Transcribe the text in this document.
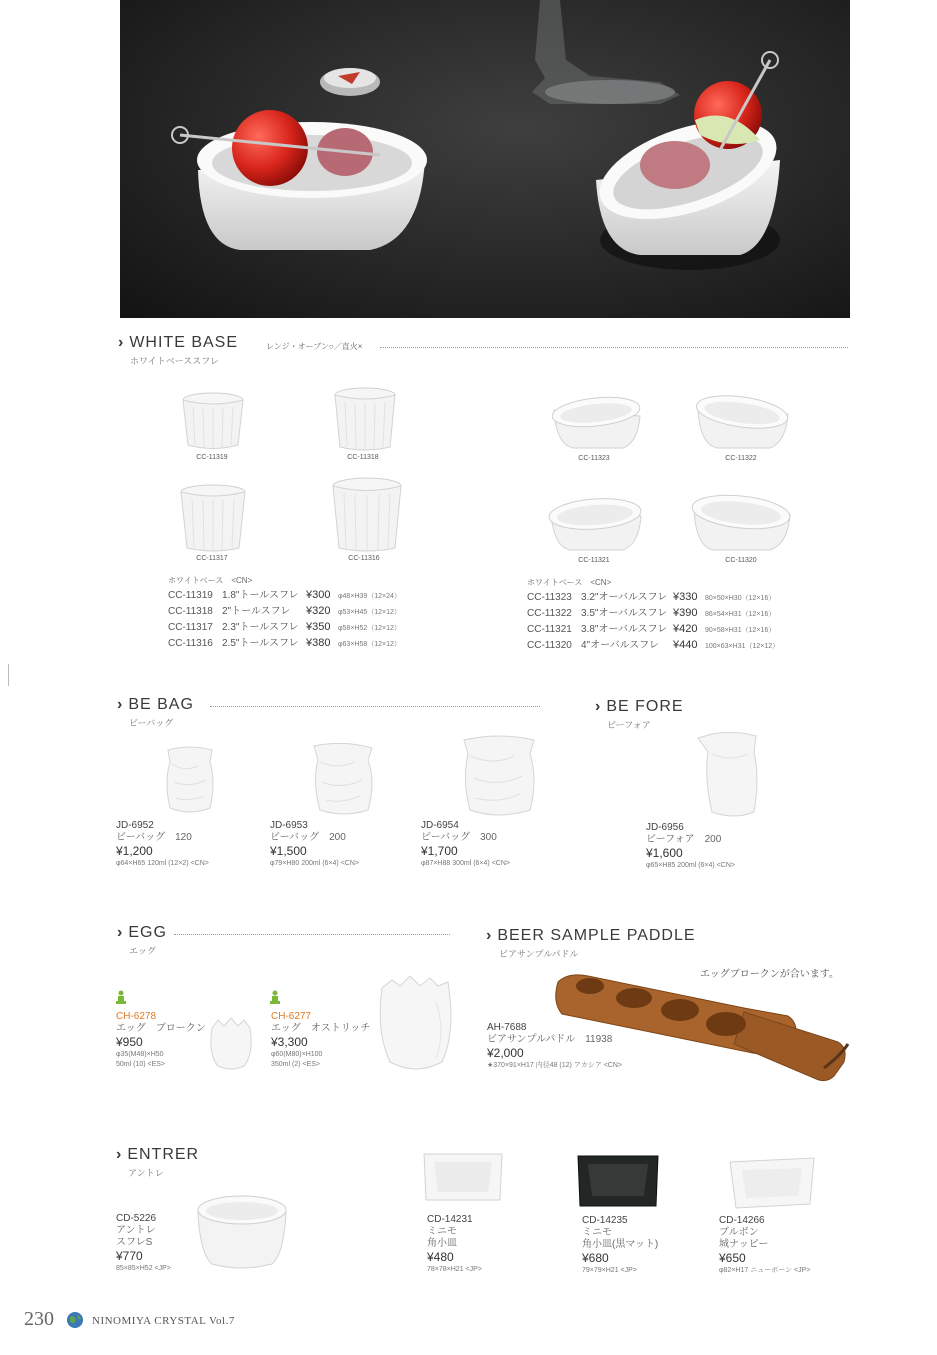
› WHITE BASE	レンジ・オーブン○／直火×
ホワイトベーススフレ
CC-11319	CC-11318
CC-11317	CC-11316
CC-11323	CC-11322
CC-11321	CC-11320
ホワイトベース　<CN>
CC-11319 1.8"トールスフレ ¥300 φ48×H39（12×24）
CC-11318 2"トールスフレ ¥320 φ53×H45（12×12）
CC-11317 2.3"トールスフレ ¥350 φ58×H52（12×12）
CC-11316 2.5"トールスフレ ¥380 φ63×H58（12×12）
ホワイトベース　<CN>
CC-11323 3.2"オーバルスフレ ¥330 80×50×H30（12×16）
CC-11322 3.5"オーバルスフレ ¥390 86×54×H31（12×16）
CC-11321 3.8"オーバルスフレ ¥420 90×58×H31（12×16）
CC-11320 4"オーバルスフレ ¥440 100×63×H31（12×12）
› BE BAG
ビーバッグ
JD-6952
ビーバッグ　120
¥1,200
φ64×H65 120ml (12×2) <CN>
JD-6953
ビーバッグ　200
¥1,500
φ79×H80 200ml (6×4) <CN>
JD-6954
ビーバッグ　300
¥1,700
φ87×H88 300ml (6×4) <CN>
› BE FORE
ビーフォア
JD-6956
ビーフォア　200
¥1,600
φ65×H85 200ml (6×4) <CN>
› EGG
エッグ
CH-6278
エッグ　ブロークン
¥950
φ35(M48)×H50
50ml (10) <ES>
CH-6277
エッグ　オストリッチ
¥3,300
φ60(M80)×H100
350ml (2) <ES>
› BEER SAMPLE PADDLE
ビアサンプルパドル
エッグブロークンが合います。
AH-7688
ビアサンプルパドル　11938
¥2,000
★370×91×H17 内径48 (12) アカシア <CN>
› ENTRER
アントレ
CD-5226
アントレ
スフレS
¥770
85×85×H52 <JP>
CD-14231
ミニモ
角小皿
¥480
78×78×H21 <JP>
CD-14235
ミニモ
角小皿(黒マット)
¥680
79×79×H21 <JP>
CD-14266
ブルボン
城ナッピー
¥650
φ82×H17 ニューボーン <JP>
230	NINOMIYA CRYSTAL Vol.7
